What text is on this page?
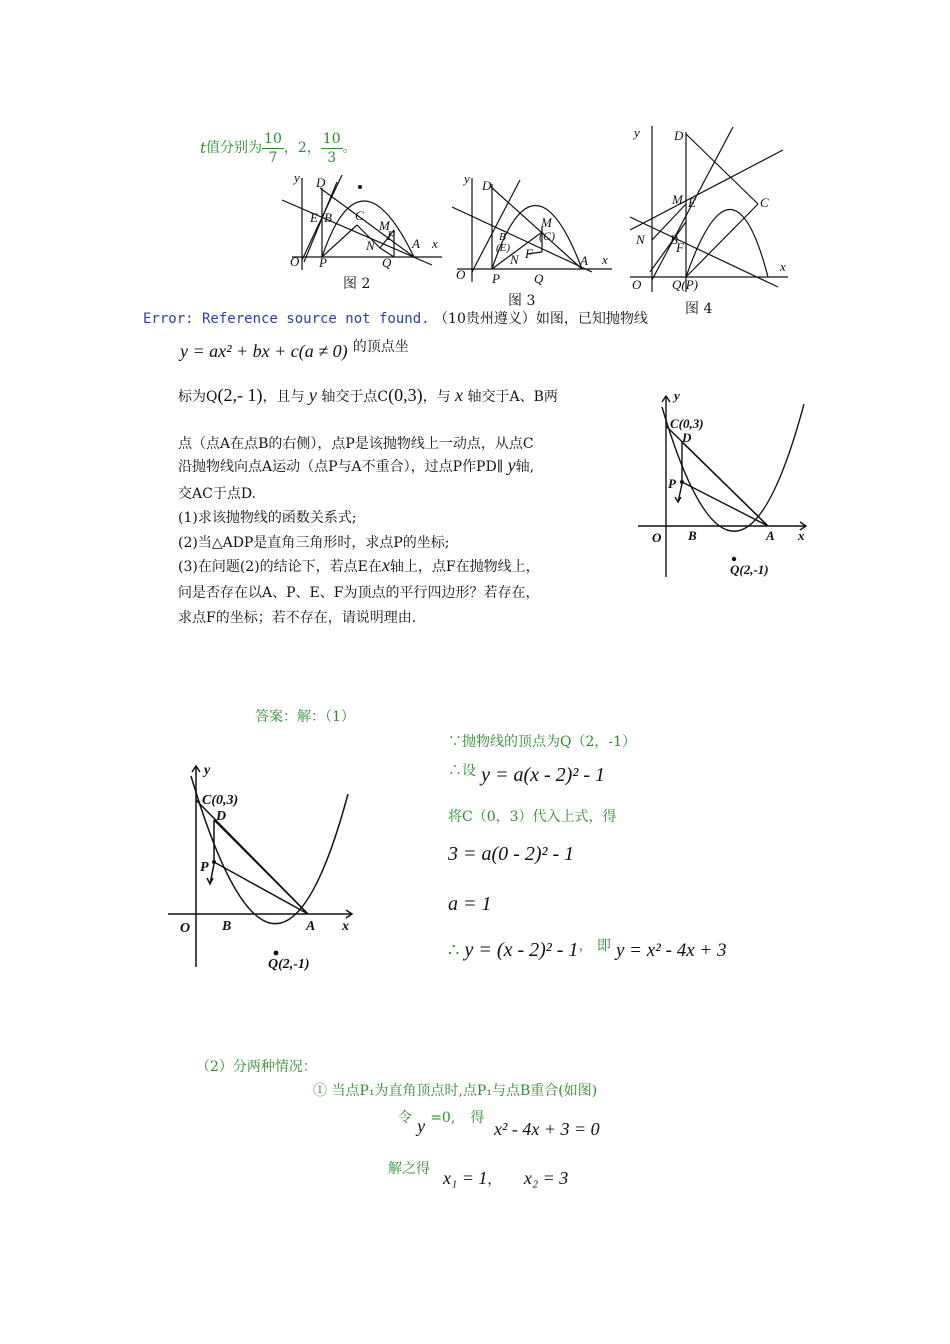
t 值分别为 $\frac{10}{7}$ ，2， $\frac{10}{3}$ 。
O
y
x
D
E B C
M
F
N
P	Q
A
图 2
O
y
x
D
B
(E)
M
(C)
N F
P	Q
A
图 3
y
x
O
D
C
M E
N B
F
Q(P)
图 4
Error: Reference source not found. （10贵州遵义）如图，已知抛物线
y = ax² + bx + c(a ≠ 0) 的顶点坐
标为Q(2,- 1)，且与 y 轴交于点C(0,3)，与 x 轴交于A、B两
点（点A在点B的右侧），点P是该抛物线上一动点，从点C
沿抛物线向点A运动（点P与A不重合），过点P作PD∥ y轴,
交AC于点D.
(1)求该抛物线的函数关系式;
(2)当△ADP是直角三角形时，求点P的坐标;
(3)在问题(2)的结论下，若点E在x轴上，点F在抛物线上，
问是否存在以A、P、E、F为顶点的平行四边形？若存在，
求点F的坐标；若不存在，请说明理由.
y
x
C(0,3)
D
P
O B	A
Q(2,-1)
答案：解：（1）
y
x
C(0,3)
D
P
O B	A
Q(2,-1)
∵抛物线的顶点为Q（2，-1）
∴设 y = a(x - 2)² - 1
将C（0，3）代入上式，得
3 = a(0 - 2)² - 1
a = 1
∴ y = (x - 2)² - 1， 即 y = x² - 4x + 3
（2）分两种情况：
① 当点P₁为直角顶点时,点P₁与点B重合(如图)
令 y =0, 得
x² - 4x + 3 = 0
解之得 x₁ = 1， x₂ = 3
